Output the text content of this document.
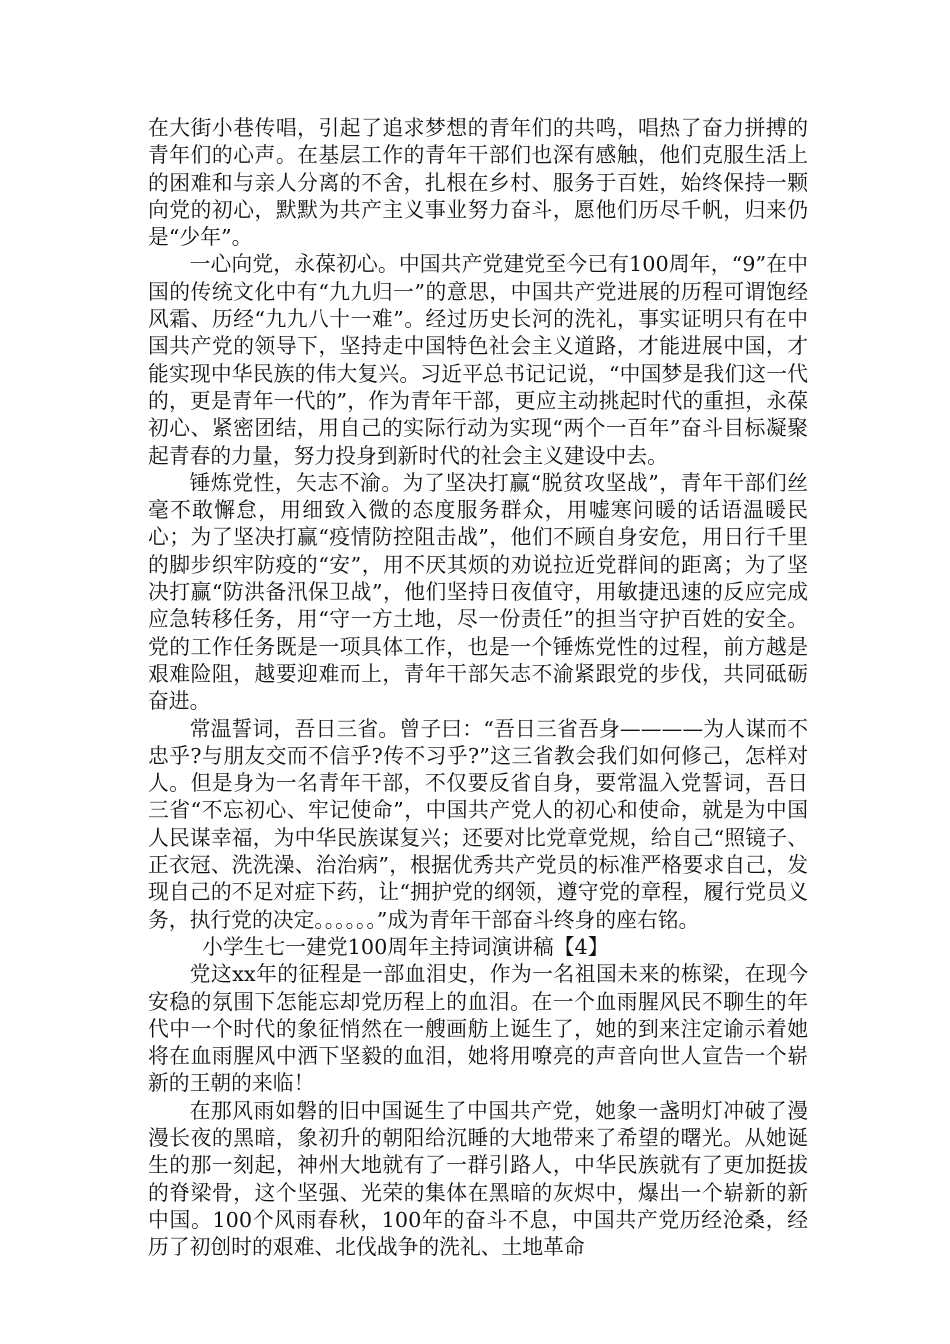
在大街小巷传唱，引起了追求梦想的青年们的共鸣，唱热了奋力拼搏的青年们的心声。在基层工作的青年干部们也深有感触，他们克服生活上的困难和与亲人分离的不舍，扎根在乡村、服务于百姓，始终保持一颗向党的初心，默默为共产主义事业努力奋斗，愿他们历尽千帆，归来仍是“少年”。

一心向党，永葆初心。中国共产党建党至今已有100周年，“9”在中国的传统文化中有“九九归一”的意思，中国共产党进展的历程可谓饱经风霜、历经“九九八十一难”。经过历史长河的洗礼，事实证明只有在中国共产党的领导下，坚持走中国特色社会主义道路，才能进展中国，才能实现中华民族的伟大复兴。习近平总书记记说，“中国梦是我们这一代的，更是青年一代的”，作为青年干部，更应主动挑起时代的重担，永葆初心、紧密团结，用自己的实际行动为实现“两个一百年”奋斗目标凝聚起青春的力量，努力投身到新时代的社会主义建设中去。

锤炼党性，矢志不渝。为了坚决打赢“脱贫攻坚战”，青年干部们丝毫不敢懈怠，用细致入微的态度服务群众，用嘘寒问暖的话语温暖民心；为了坚决打赢“疫情防控阻击战”，他们不顾自身安危，用日行千里的脚步织牢防疫的“安”，用不厌其烦的劝说拉近党群间的距离；为了坚决打赢“防洪备汛保卫战”，他们坚持日夜值守，用敏捷迅速的反应完成应急转移任务，用“守一方土地，尽一份责任”的担当守护百姓的安全。党的工作任务既是一项具体工作，也是一个锤炼党性的过程，前方越是艰难险阻，越要迎难而上，青年干部矢志不渝紧跟党的步伐，共同砥砺奋进。

常温誓词，吾日三省。曾子曰：“吾日三省吾身————为人谋而不忠乎?与朋友交而不信乎?传不习乎?”这三省教会我们如何修己，怎样对人。但是身为一名青年干部，不仅要反省自身，要常温入党誓词，吾日三省“不忘初心、牢记使命”，中国共产党人的初心和使命，就是为中国人民谋幸福，为中华民族谋复兴；还要对比党章党规，给自己“照镜子、正衣冠、洗洗澡、治治病”，根据优秀共产党员的标准严格要求自己，发现自己的不足对症下药，让“拥护党的纲领，遵守党的章程，履行党员义务，执行党的决定。。。。。。”成为青年干部奋斗终身的座右铭。

小学生七一建党100周年主持词演讲稿【4】

党这xx年的征程是一部血泪史，作为一名祖国未来的栋梁，在现今安稳的氛围下怎能忘却党历程上的血泪。在一个血雨腥风民不聊生的年代中一个时代的象征悄然在一艘画舫上诞生了，她的到来注定谕示着她将在血雨腥风中洒下坚毅的血泪，她将用嘹亮的声音向世人宣告一个崭新的王朝的来临！

在那风雨如磐的旧中国诞生了中国共产党，她象一盏明灯冲破了漫漫长夜的黑暗，象初升的朝阳给沉睡的大地带来了希望的曙光。从她诞生的那一刻起，神州大地就有了一群引路人，中华民族就有了更加挺拔的脊梁骨，这个坚强、光荣的集体在黑暗的灰烬中，爆出一个崭新的新中国。100个风雨春秋，100年的奋斗不息，中国共产党历经沧桑，经历了初创时的艰难、北伐战争的洗礼、土地革命
